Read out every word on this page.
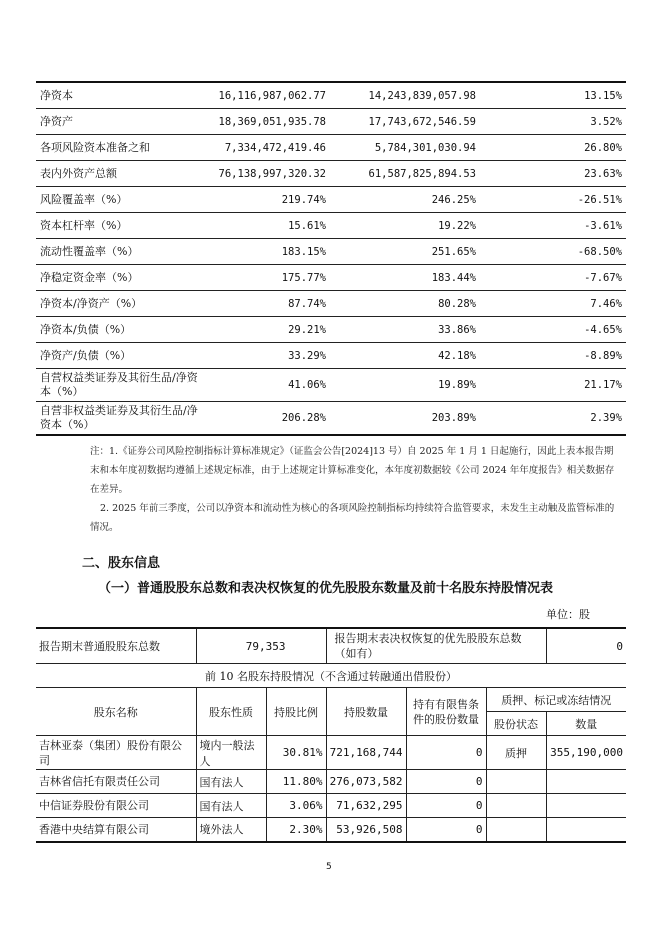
净资本	16,116,987,062.77	14,243,839,057.98	13.15%
净资产	18,369,051,935.78	17,743,672,546.59	3.52%
各项风险资本准备之和	7,334,472,419.46	5,784,301,030.94	26.80%
表内外资产总额	76,138,997,320.32	61,587,825,894.53	23.63%
风险覆盖率（%）	219.74%	246.25%	-26.51%
资本杠杆率（%）	15.61%	19.22%	-3.61%
流动性覆盖率（%）	183.15%	251.65%	-68.50%
净稳定资金率（%）	175.77%	183.44%	-7.67%
净资本/净资产（%）	87.74%	80.28%	7.46%
净资本/负债（%）	29.21%	33.86%	-4.65%
净资产/负债（%）	33.29%	42.18%	-8.89%
自营权益类证券及其衍生品/净资本（%）	41.06%	19.89%	21.17%
自营非权益类证券及其衍生品/净资本（%）	206.28%	203.89%	2.39%
注：1.《证券公司风险控制指标计算标准规定》（证监会公告[2024]13 号）自 2025 年 1 月 1 日起施行，因此上表本报告期末和本年度初数据均遵循上述规定标准，由于上述规定计算标准变化，本年度初数据较《公司 2024 年年度报告》相关数据存在差异。
2. 2025 年前三季度，公司以净资本和流动性为核心的各项风险控制指标均持续符合监管要求，未发生主动触及监管标准的情况。
二、股东信息
（一）普通股股东总数和表决权恢复的优先股股东数量及前十名股东持股情况表
单位：股
报告期末普通股股东总数	79,353		报告期末表决权恢复的优先股股东总数（如有）			0
前 10 名股东持股情况（不含通过转融通出借股份）						
股东名称	股东性质	持股比例	持股数量	持有有限售条件的股份数量	质押、标记或冻结情况	
					股份状态	数量
吉林亚泰（集团）股份有限公司	境内一般法人	30.81%	721,168,744	0	质押	355,190,000
吉林省信托有限责任公司	国有法人	11.80%	276,073,582	0		
中信证券股份有限公司	国有法人	3.06%	71,632,295	0		
香港中央结算有限公司	境外法人	2.30%	53,926,508	0		
5
